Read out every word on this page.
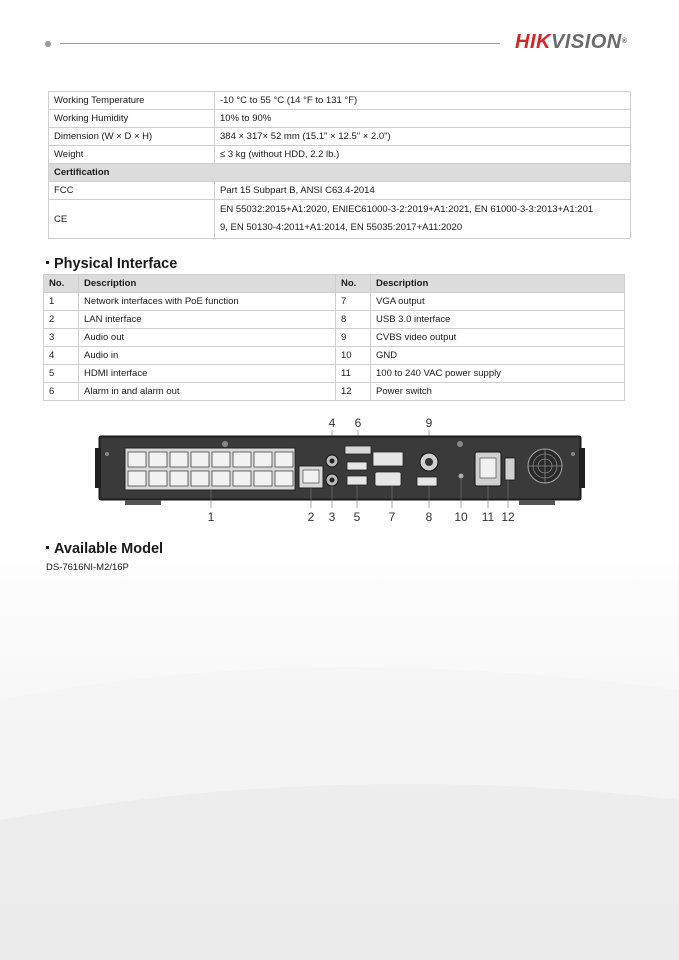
HIKVISION®
Working Temperature	-10 °C to 55 °C (14 °F to 131 °F)
Working Humidity	10% to 90%
Dimension (W × D × H)	384 × 317× 52 mm (15.1" × 12.5" × 2.0")
Weight	≤ 3 kg (without HDD, 2.2 lb.)
Certification	
FCC	Part 15 Subpart B, ANSI C63.4-2014
CE	EN 55032:2015+A1:2020, ENIEC61000-3-2:2019+A1:2021, EN 61000-3-3:2013+A1:201
9, EN 50130-4:2011+A1:2014, EN 55035:2017+A11:2020
Physical Interface
No.	Description	No.	Description
1	Network interfaces with PoE function	7	VGA output
2	LAN interface	8	USB 3.0 interface
3	Audio out	9	CVBS video output
4	Audio in	10	GND
5	HDMI interface	11	100 to 240 VAC power supply
6	Alarm in and alarm out	12	Power switch
4 6	9
1	2 3 5 7	8 10 11 12
Available Model
DS-7616NI-M2/16P
